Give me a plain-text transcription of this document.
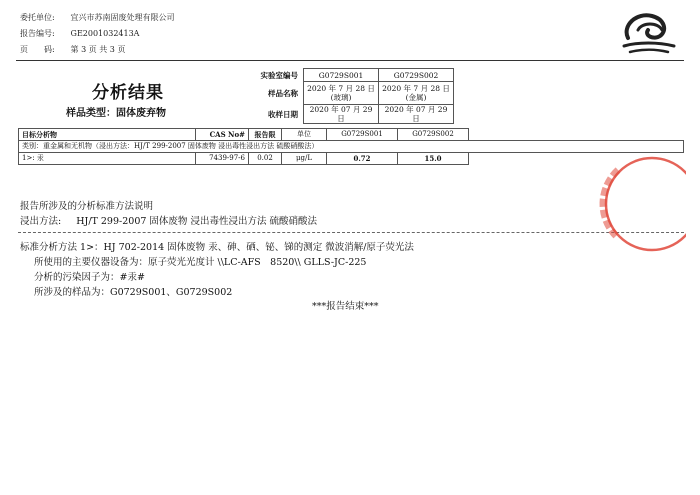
委托单位: 宜兴市苏南固废处理有限公司
报告编号: GE2001032413A
页　　码: 第 3 页 共 3 页
分析结果
样品类型：固体废弃物
实验室编号	G0729S001	G0729S002
样品名称	2020 年 7 月 28 日(玻璃)	2020 年 7 月 28 日(金属)
收样日期	2020 年 07 月 29 日	2020 年 07 月 29 日
目标分析物	CAS No#	报告限	单位	G0729S001	G0729S002	
类别：重金属和无机物（浸出方法：HJ/T 299-2007 固体废物 浸出毒性浸出方法 硫酸硝酸法）						
1>: 汞	7439-97-6	0.02	μg/L	0.72	15.0	
报告所涉及的分析标准方法说明
浸出方法: HJ/T 299-2007 固体废物 浸出毒性浸出方法 硫酸硝酸法
标准分析方法 1>：HJ 702-2014 固体废物 汞、砷、硒、铋、锑的测定 微波消解/原子荧光法
所使用的主要仪器设备为：原子荧光光度计 \\LC-AFS　8520\\ GLLS-JC-225
分析的污染因子为：#汞#
所涉及的样品为：G0729S001、G0729S002
***报告结束***
